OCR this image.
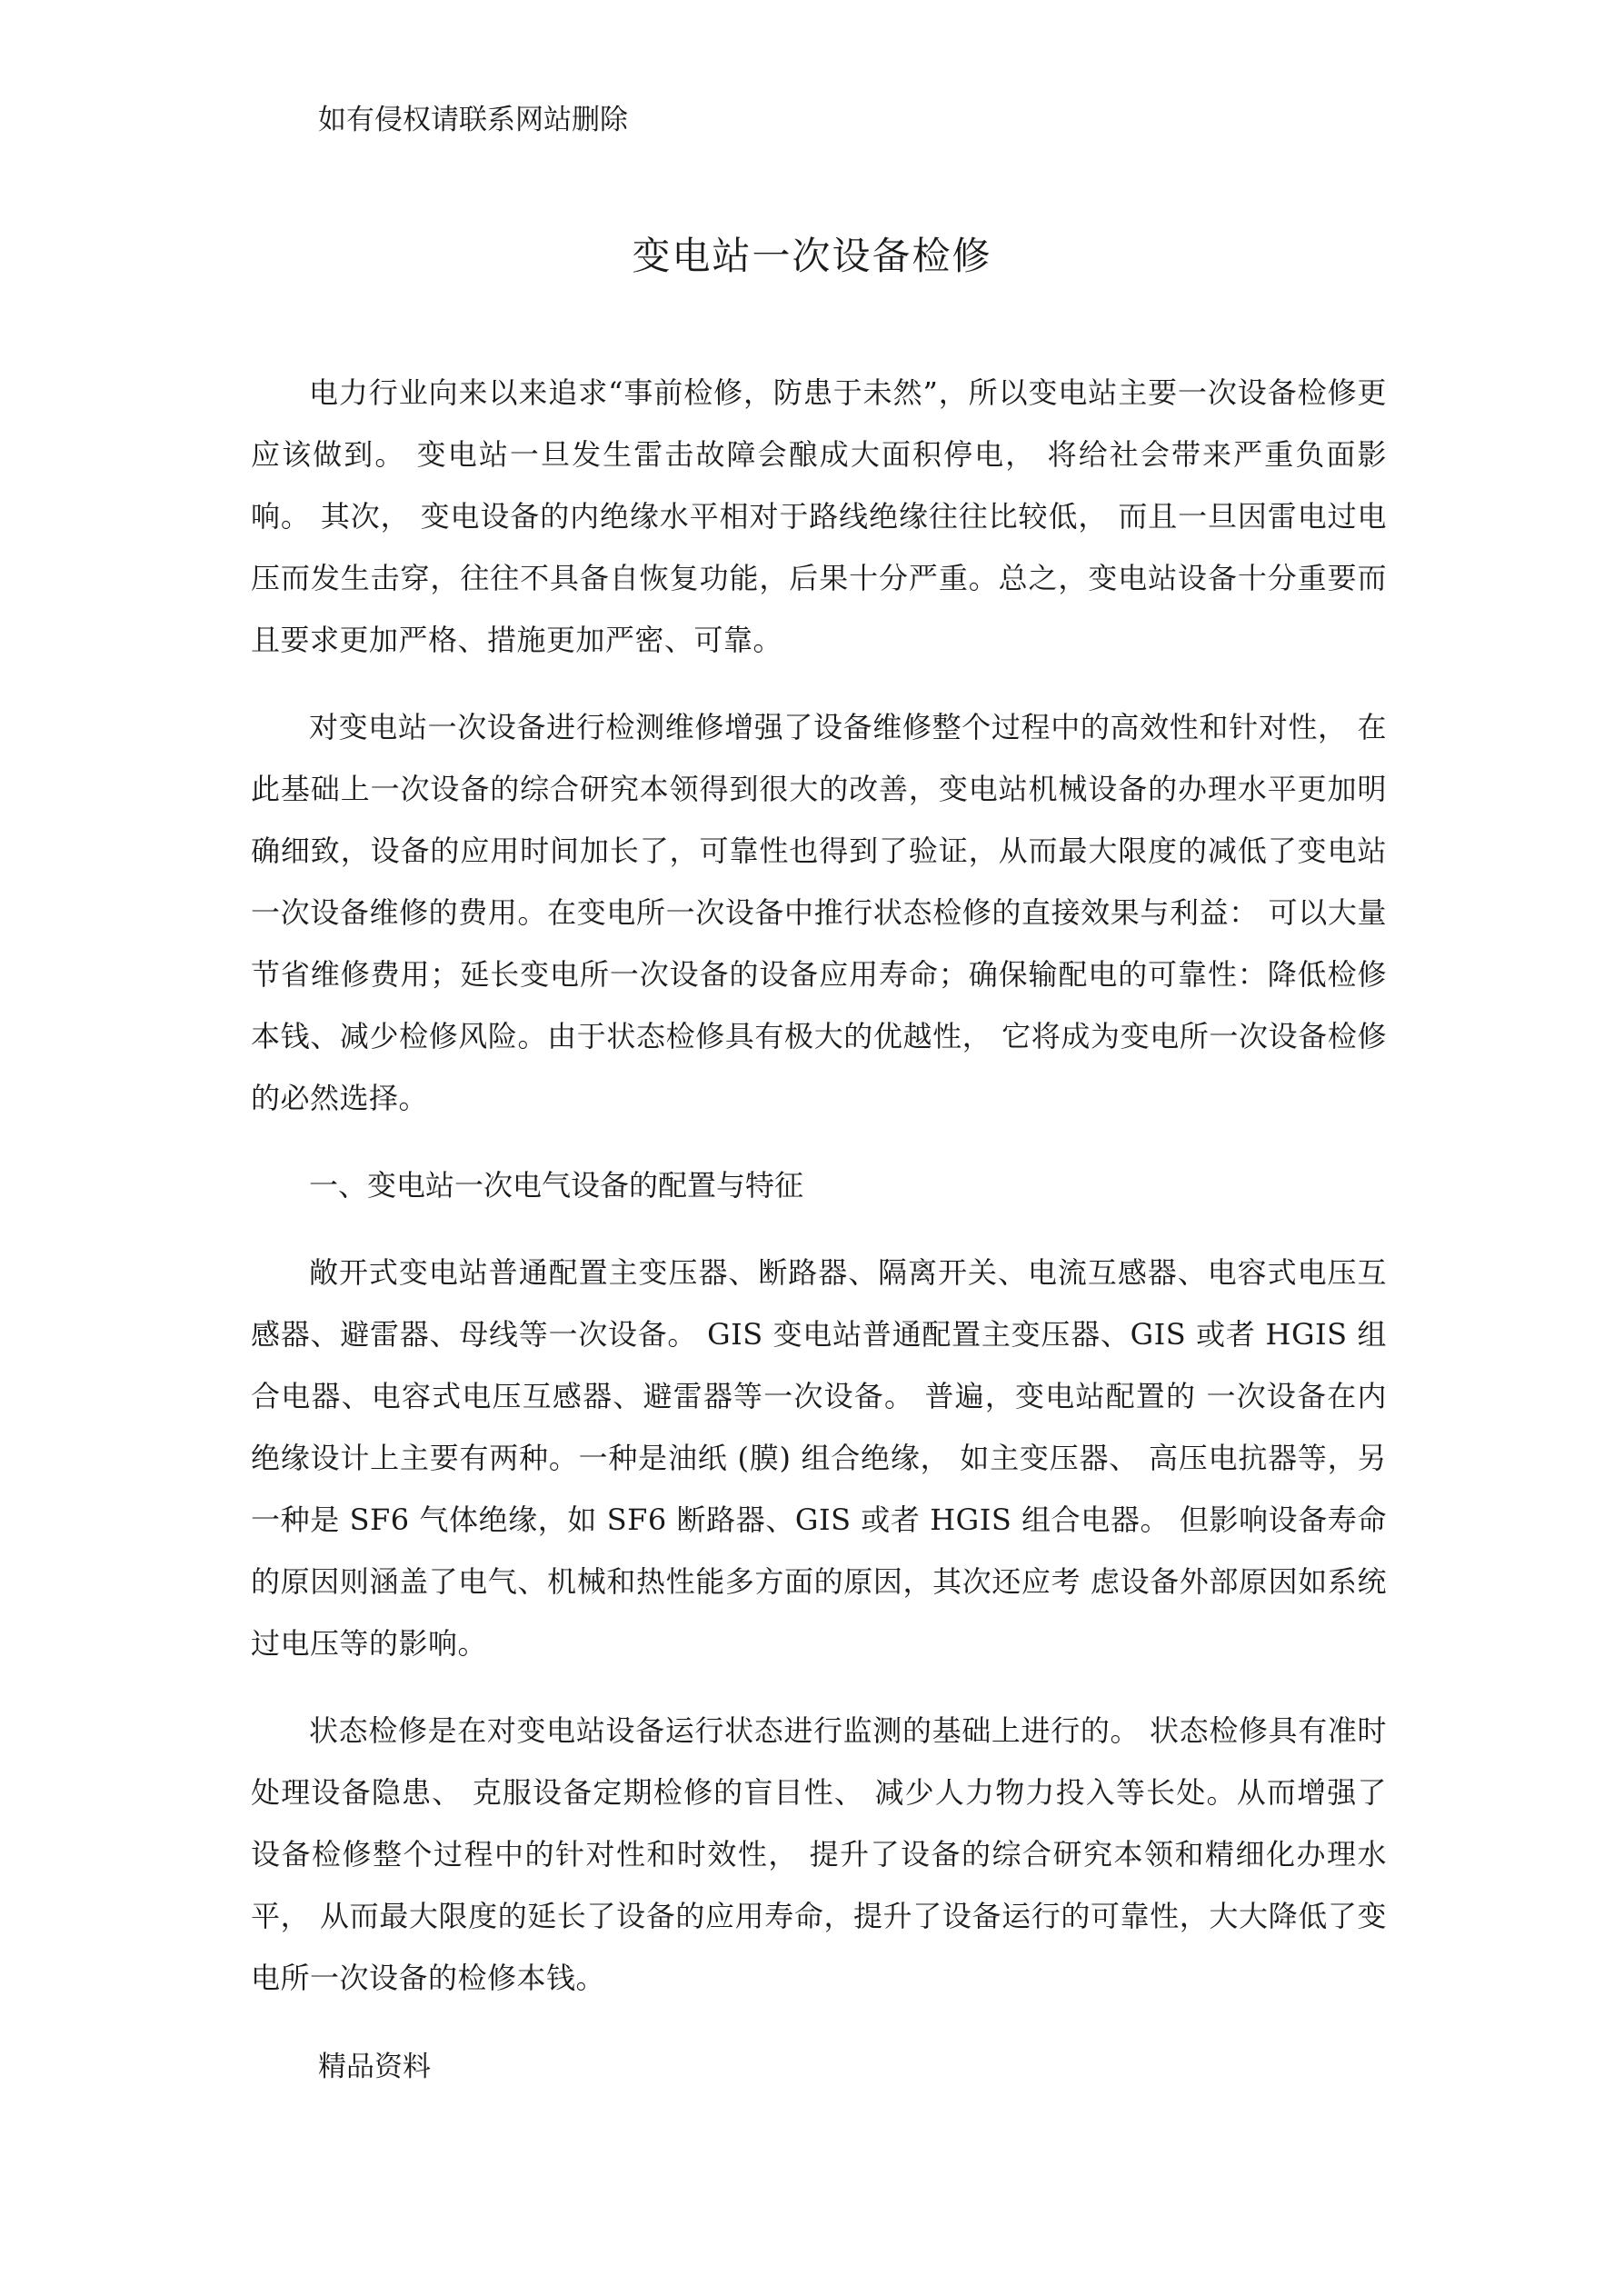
如有侵权请联系网站删除
变电站一次设备检修

电力行业向来以来追求“事前检修，防患于未然”，所以变电站主要一次设备检修更应该做到。 变电站一旦发生雷击故障会酿成大面积停电， 将给社会带来严重负面影响。 其次， 变电设备的内绝缘水平相对于路线绝缘往往比较低， 而且一旦因雷电过电压而发生击穿，往往不具备自恢复功能，后果十分严重。总之，变电站设备十分重要而且要求更加严格、措施更加严密、可靠。

对变电站一次设备进行检测维修增强了设备维修整个过程中的高效性和针对性， 在此基础上一次设备的综合研究本领得到很大的改善，变电站机械设备的办理水平更加明确细致，设备的应用时间加长了，可靠性也得到了验证，从而最大限度的减低了变电站一次设备维修的费用。在变电所一次设备中推行状态检修的直接效果与利益： 可以大量节省维修费用；延长变电所一次设备的设备应用寿命；确保输配电的可靠性：降低检修本钱、减少检修风险。由于状态检修具有极大的优越性， 它将成为变电所一次设备检修的必然选择。

一、变电站一次电气设备的配置与特征

敞开式变电站普通配置主变压器、断路器、隔离开关、电流互感器、电容式电压互感器、避雷器、母线等一次设备。 GIS 变电站普通配置主变压器、GIS 或者 HGIS 组合电器、电容式电压互感器、避雷器等一次设备。 普遍，变电站配置的 一次设备在内绝缘设计上主要有两种。一种是油纸 (膜) 组合绝缘， 如主变压器、 高压电抗器等，另一种是 SF6 气体绝缘，如 SF6 断路器、GIS 或者 HGIS 组合电器。 但影响设备寿命的原因则涵盖了电气、机械和热性能多方面的原因，其次还应考 虑设备外部原因如系统过电压等的影响。

状态检修是在对变电站设备运行状态进行监测的基础上进行的。 状态检修具有准时处理设备隐患、 克服设备定期检修的盲目性、 减少人力物力投入等长处。从而增强了设备检修整个过程中的针对性和时效性， 提升了设备的综合研究本领和精细化办理水平， 从而最大限度的延长了设备的应用寿命，提升了设备运行的可靠性，大大降低了变电所一次设备的检修本钱。

精品资料
